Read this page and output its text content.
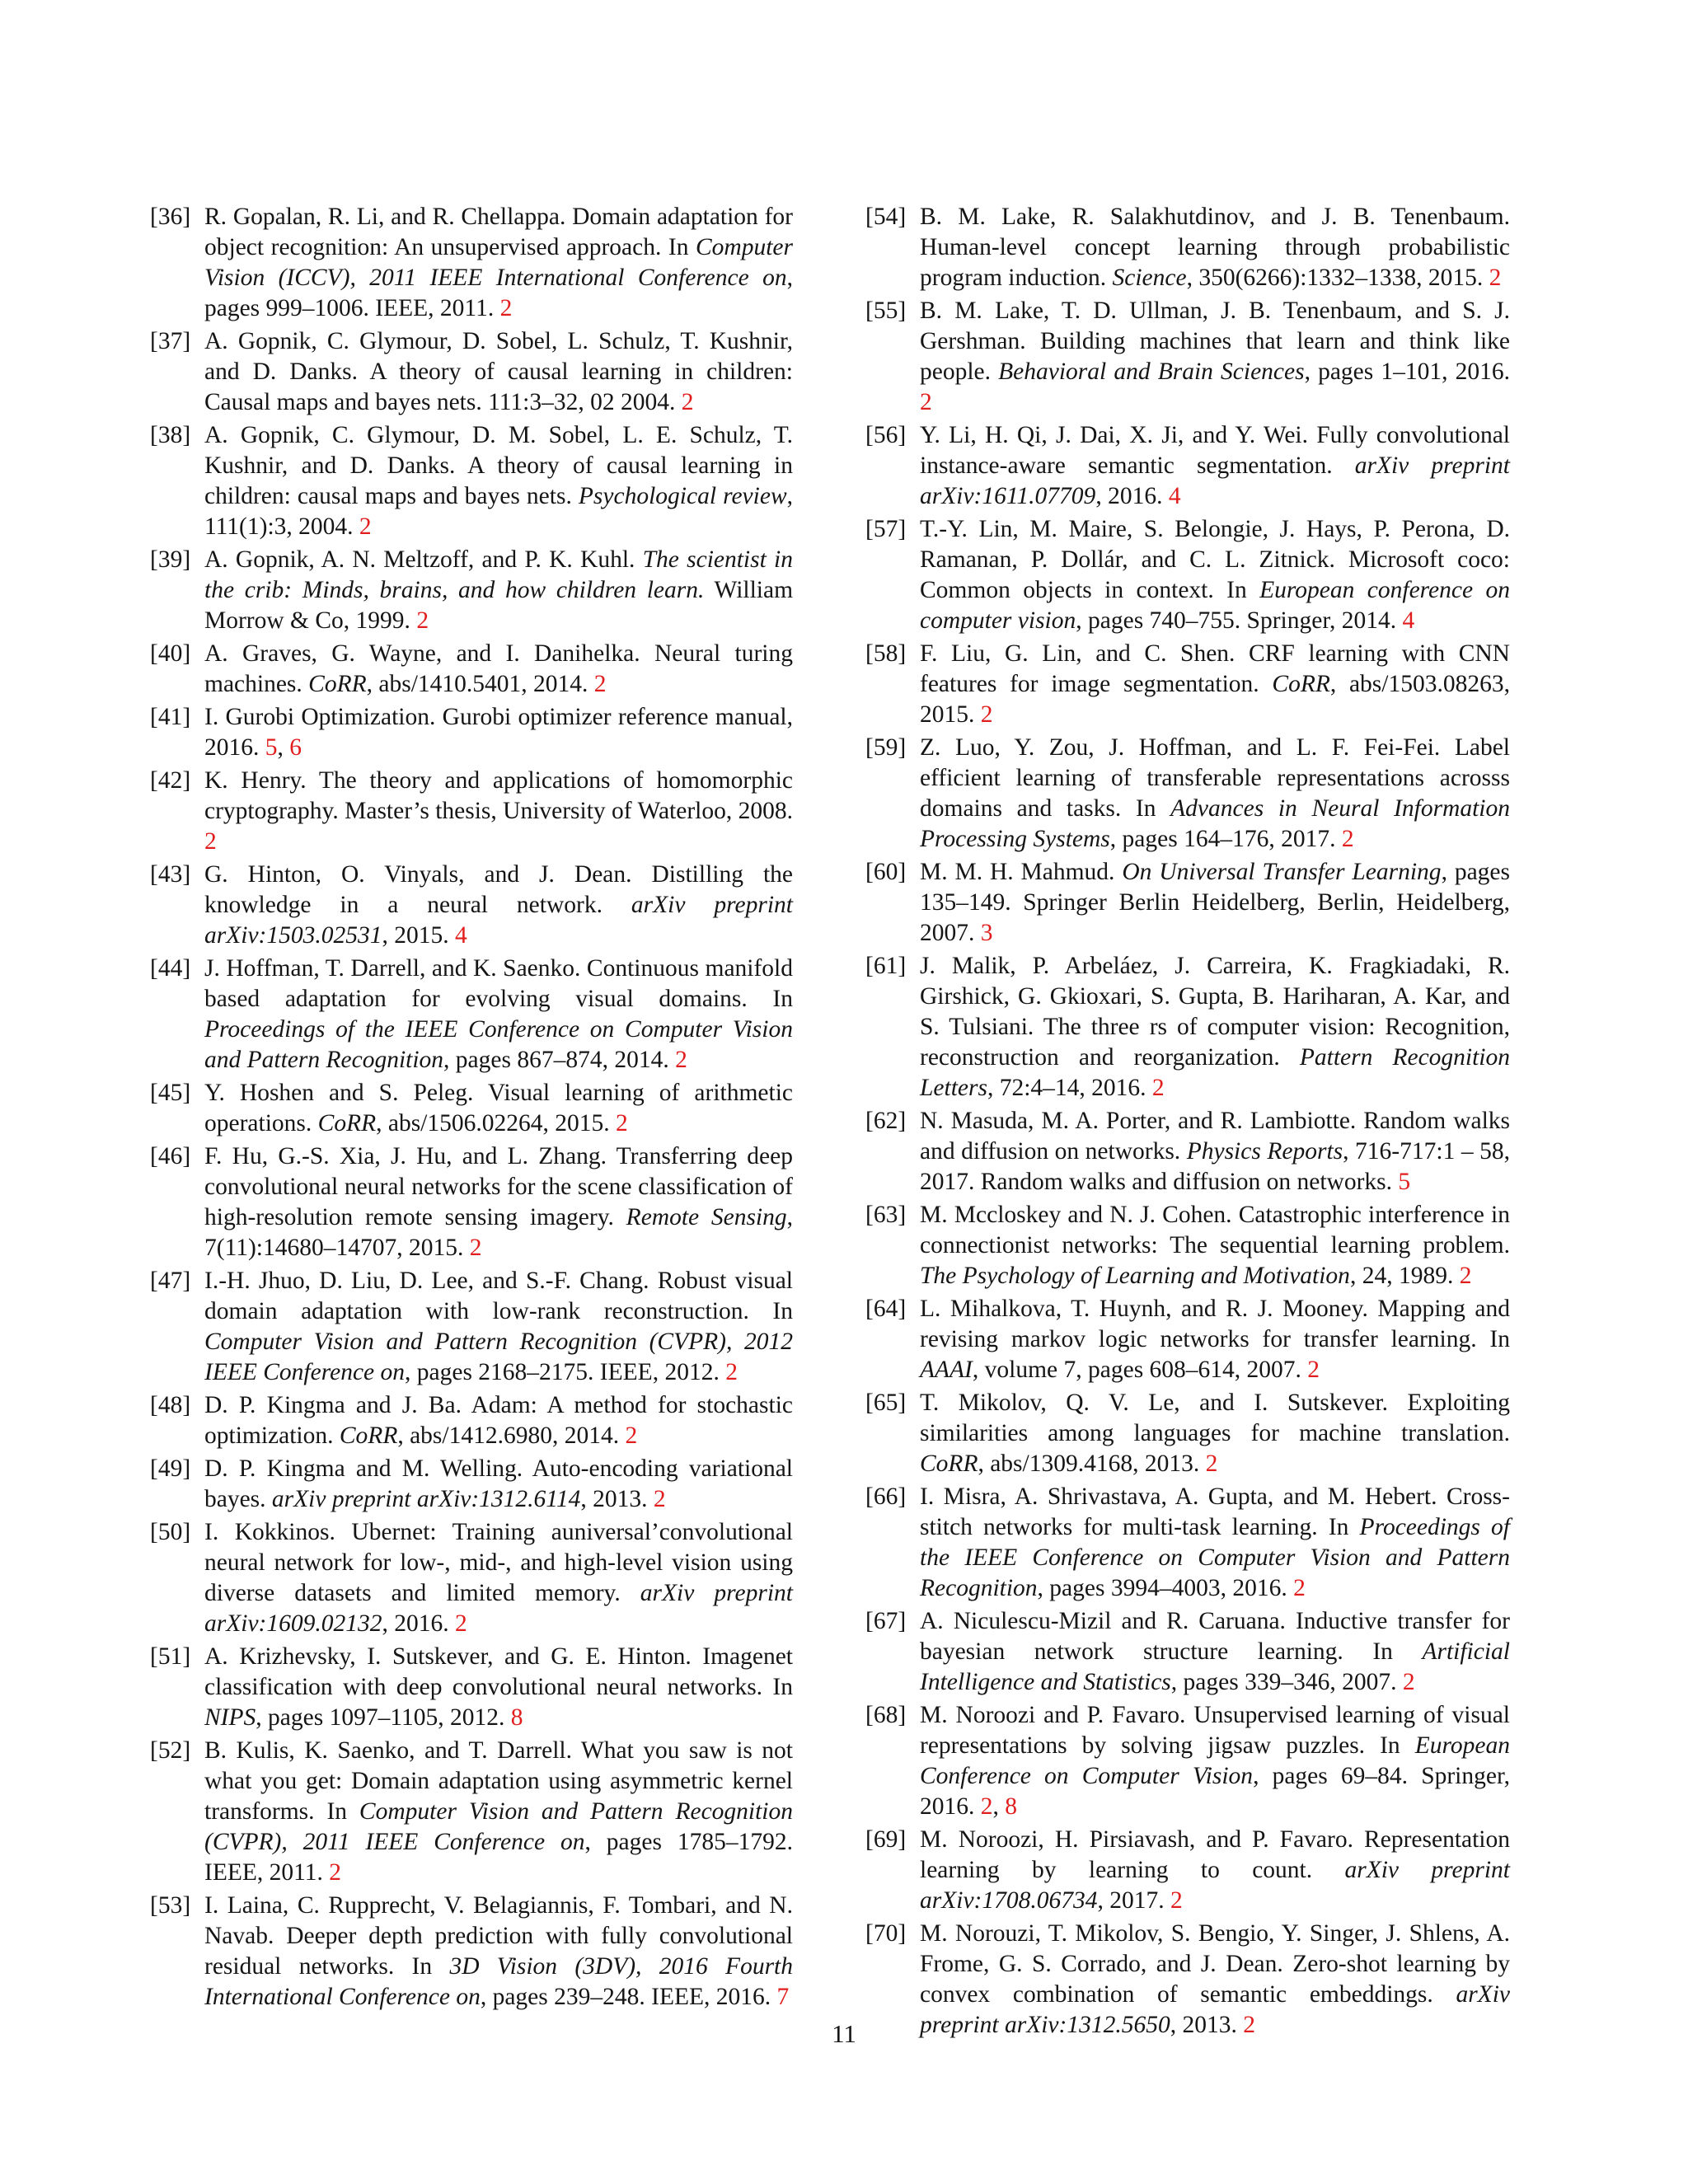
[36] R. Gopalan, R. Li, and R. Chellappa. Domain adaptation for object recognition: An unsupervised approach. In Computer Vision (ICCV), 2011 IEEE International Conference on, pages 999–1006. IEEE, 2011. 2
[37] A. Gopnik, C. Glymour, D. Sobel, L. Schulz, T. Kushnir, and D. Danks. A theory of causal learning in children: Causal maps and bayes nets. 111:3–32, 02 2004. 2
[38] A. Gopnik, C. Glymour, D. M. Sobel, L. E. Schulz, T. Kushnir, and D. Danks. A theory of causal learning in children: causal maps and bayes nets. Psychological review, 111(1):3, 2004. 2
[39] A. Gopnik, A. N. Meltzoff, and P. K. Kuhl. The scientist in the crib: Minds, brains, and how children learn. William Morrow & Co, 1999. 2
[40] A. Graves, G. Wayne, and I. Danihelka. Neural turing machines. CoRR, abs/1410.5401, 2014. 2
[41] I. Gurobi Optimization. Gurobi optimizer reference manual, 2016. 5, 6
[42] K. Henry. The theory and applications of homomorphic cryptography. Master’s thesis, University of Waterloo, 2008. 2
[43] G. Hinton, O. Vinyals, and J. Dean. Distilling the knowledge in a neural network. arXiv preprint arXiv:1503.02531, 2015. 4
[44] J. Hoffman, T. Darrell, and K. Saenko. Continuous manifold based adaptation for evolving visual domains. In Proceedings of the IEEE Conference on Computer Vision and Pattern Recognition, pages 867–874, 2014. 2
[45] Y. Hoshen and S. Peleg. Visual learning of arithmetic operations. CoRR, abs/1506.02264, 2015. 2
[46] F. Hu, G.-S. Xia, J. Hu, and L. Zhang. Transferring deep convolutional neural networks for the scene classification of high-resolution remote sensing imagery. Remote Sensing, 7(11):14680–14707, 2015. 2
[47] I.-H. Jhuo, D. Liu, D. Lee, and S.-F. Chang. Robust visual domain adaptation with low-rank reconstruction. In Computer Vision and Pattern Recognition (CVPR), 2012 IEEE Conference on, pages 2168–2175. IEEE, 2012. 2
[48] D. P. Kingma and J. Ba. Adam: A method for stochastic optimization. CoRR, abs/1412.6980, 2014. 2
[49] D. P. Kingma and M. Welling. Auto-encoding variational bayes. arXiv preprint arXiv:1312.6114, 2013. 2
[50] I. Kokkinos. Ubernet: Training auniversal’convolutional neural network for low-, mid-, and high-level vision using diverse datasets and limited memory. arXiv preprint arXiv:1609.02132, 2016. 2
[51] A. Krizhevsky, I. Sutskever, and G. E. Hinton. Imagenet classification with deep convolutional neural networks. In NIPS, pages 1097–1105, 2012. 8
[52] B. Kulis, K. Saenko, and T. Darrell. What you saw is not what you get: Domain adaptation using asymmetric kernel transforms. In Computer Vision and Pattern Recognition (CVPR), 2011 IEEE Conference on, pages 1785–1792. IEEE, 2011. 2
[53] I. Laina, C. Rupprecht, V. Belagiannis, F. Tombari, and N. Navab. Deeper depth prediction with fully convolutional residual networks. In 3D Vision (3DV), 2016 Fourth International Conference on, pages 239–248. IEEE, 2016. 7
[54] B. M. Lake, R. Salakhutdinov, and J. B. Tenenbaum. Human-level concept learning through probabilistic program induction. Science, 350(6266):1332–1338, 2015. 2
[55] B. M. Lake, T. D. Ullman, J. B. Tenenbaum, and S. J. Gershman. Building machines that learn and think like people. Behavioral and Brain Sciences, pages 1–101, 2016. 2
[56] Y. Li, H. Qi, J. Dai, X. Ji, and Y. Wei. Fully convolutional instance-aware semantic segmentation. arXiv preprint arXiv:1611.07709, 2016. 4
[57] T.-Y. Lin, M. Maire, S. Belongie, J. Hays, P. Perona, D. Ramanan, P. Dollár, and C. L. Zitnick. Microsoft coco: Common objects in context. In European conference on computer vision, pages 740–755. Springer, 2014. 4
[58] F. Liu, G. Lin, and C. Shen. CRF learning with CNN features for image segmentation. CoRR, abs/1503.08263, 2015. 2
[59] Z. Luo, Y. Zou, J. Hoffman, and L. F. Fei-Fei. Label efficient learning of transferable representations acrosss domains and tasks. In Advances in Neural Information Processing Systems, pages 164–176, 2017. 2
[60] M. M. H. Mahmud. On Universal Transfer Learning, pages 135–149. Springer Berlin Heidelberg, Berlin, Heidelberg, 2007. 3
[61] J. Malik, P. Arbeláez, J. Carreira, K. Fragkiadaki, R. Girshick, G. Gkioxari, S. Gupta, B. Hariharan, A. Kar, and S. Tulsiani. The three rs of computer vision: Recognition, reconstruction and reorganization. Pattern Recognition Letters, 72:4–14, 2016. 2
[62] N. Masuda, M. A. Porter, and R. Lambiotte. Random walks and diffusion on networks. Physics Reports, 716-717:1 – 58, 2017. Random walks and diffusion on networks. 5
[63] M. Mccloskey and N. J. Cohen. Catastrophic interference in connectionist networks: The sequential learning problem. The Psychology of Learning and Motivation, 24, 1989. 2
[64] L. Mihalkova, T. Huynh, and R. J. Mooney. Mapping and revising markov logic networks for transfer learning. In AAAI, volume 7, pages 608–614, 2007. 2
[65] T. Mikolov, Q. V. Le, and I. Sutskever. Exploiting similarities among languages for machine translation. CoRR, abs/1309.4168, 2013. 2
[66] I. Misra, A. Shrivastava, A. Gupta, and M. Hebert. Cross-stitch networks for multi-task learning. In Proceedings of the IEEE Conference on Computer Vision and Pattern Recognition, pages 3994–4003, 2016. 2
[67] A. Niculescu-Mizil and R. Caruana. Inductive transfer for bayesian network structure learning. In Artificial Intelligence and Statistics, pages 339–346, 2007. 2
[68] M. Noroozi and P. Favaro. Unsupervised learning of visual representations by solving jigsaw puzzles. In European Conference on Computer Vision, pages 69–84. Springer, 2016. 2, 8
[69] M. Noroozi, H. Pirsiavash, and P. Favaro. Representation learning by learning to count. arXiv preprint arXiv:1708.06734, 2017. 2
[70] M. Norouzi, T. Mikolov, S. Bengio, Y. Singer, J. Shlens, A. Frome, G. S. Corrado, and J. Dean. Zero-shot learning by convex combination of semantic embeddings. arXiv preprint arXiv:1312.5650, 2013. 2
11
